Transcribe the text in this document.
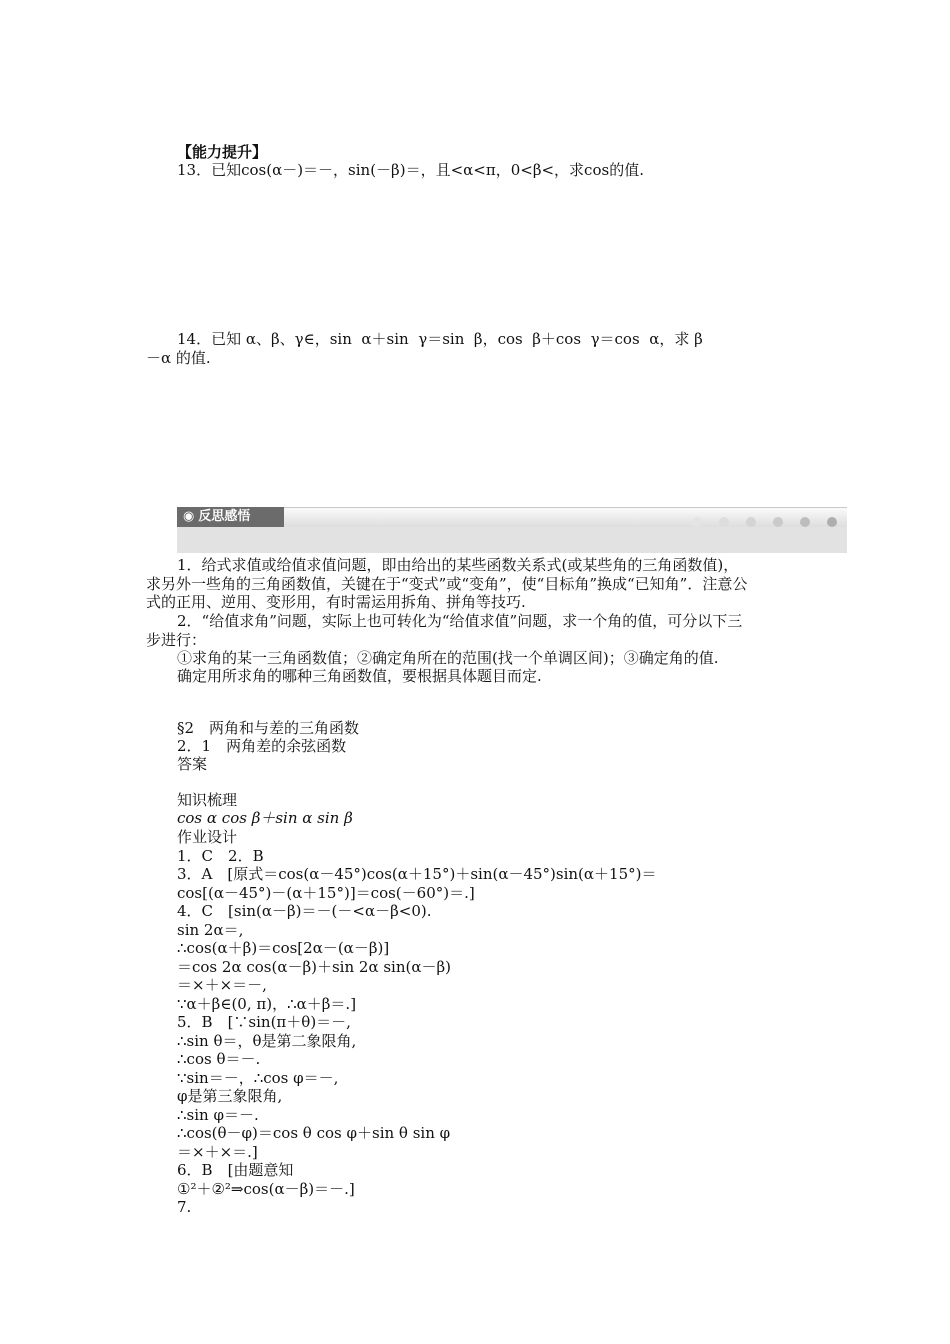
【能力提升】
13．已知cos(α－)＝－，sin(－β)＝，且<α<π，0<β<，求cos的值.
14．已知 α、β、γ∈，sin  α＋sin  γ＝sin  β，cos  β＋cos  γ＝cos  α，求 β
－α 的值.
◉ 反思感悟

1．给式求值或给值求值问题，即由给出的某些函数关系式(或某些角的三角函数值)，
求另外一些角的三角函数值，关键在于“变式”或“变角”，使“目标角”换成“已知角”．注意公
式的正用、逆用、变形用，有时需运用拆角、拼角等技巧.
2．“给值求角”问题，实际上也可转化为“给值求值”问题，求一个角的值，可分以下三
步进行：
①求角的某一三角函数值；②确定角所在的范围(找一个单调区间)；③确定角的值.
确定用所求角的哪种三角函数值，要根据具体题目而定.
§2　两角和与差的三角函数
2．1　两角差的余弦函数
答案
知识梳理
cos α cos β＋sin α sin β
作业设计
1．C　2．B
3．A　[原式＝cos(α－45°)cos(α＋15°)＋sin(α－45°)sin(α＋15°)＝
cos[(α－45°)－(α＋15°)]＝cos(－60°)＝.]
4．C　[sin(α－β)＝－(－<α－β<0).
sin 2α＝,
∴cos(α＋β)＝cos[2α－(α－β)]
＝cos 2α cos(α－β)＋sin 2α sin(α－β)
＝×＋×＝－,
∵α＋β∈(0, π)，∴α＋β＝.]
5．B　[∵sin(π＋θ)＝－,
∴sin θ＝，θ是第二象限角,
∴cos θ＝－.
∵sin＝－，∴cos φ＝－,
φ是第三象限角,
∴sin φ＝－.
∴cos(θ－φ)＝cos θ cos φ＋sin θ sin φ
＝×＋×＝.]
6．B　[由题意知
①²＋②²⇒cos(α－β)＝－.]
7.
